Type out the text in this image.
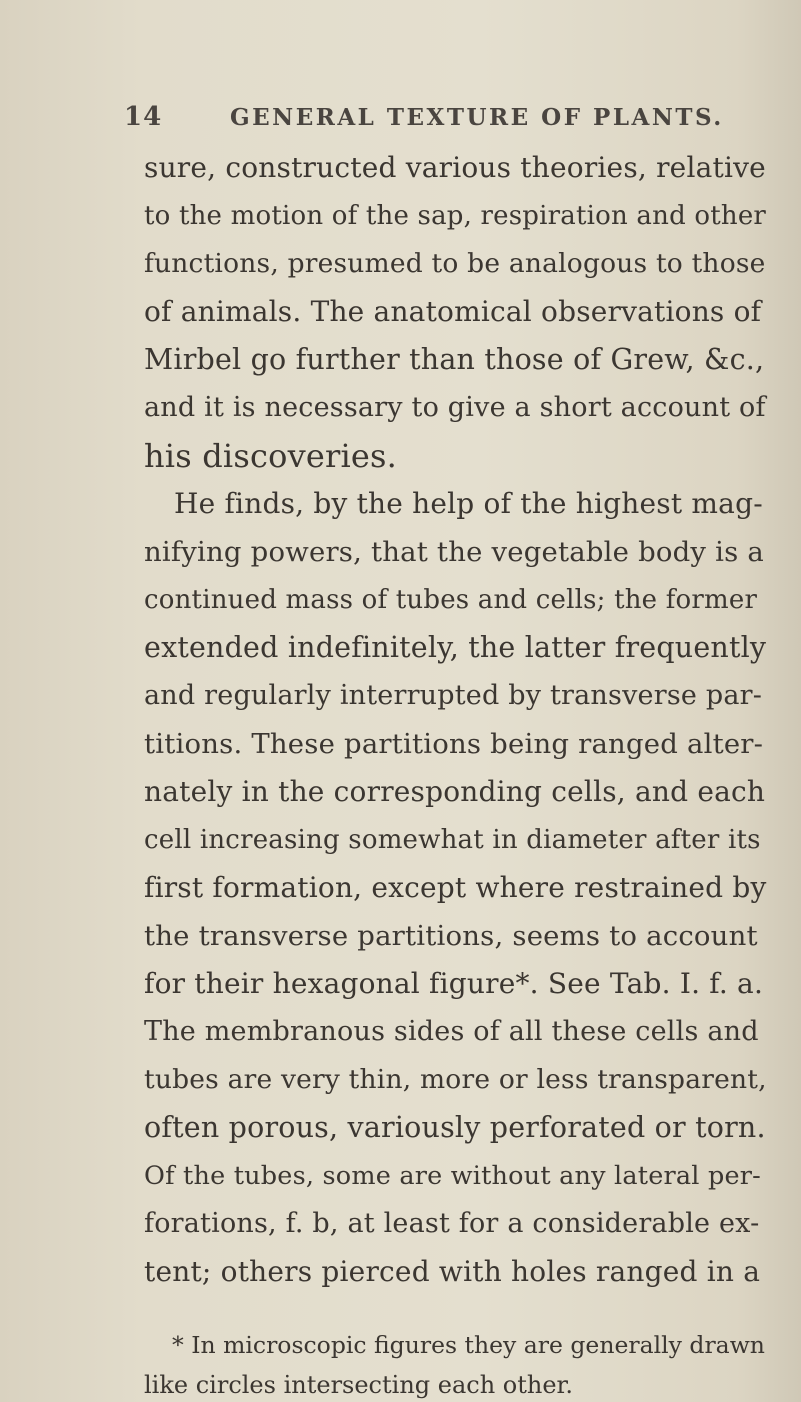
14	GENERAL TEXTURE OF PLANTS.
sure, constructed various theories, relative
to the motion of the sap, respiration and other
functions, presumed to be analogous to those
of animals. The anatomical observations of
Mirbel go further than those of Grew, &c.,
and it is necessary to give a short account of
his discoveries.
He finds, by the help of the highest mag-
nifying powers, that the vegetable body is a
continued mass of tubes and cells; the former
extended indefinitely, the latter frequently
and regularly interrupted by transverse par-
titions. These partitions being ranged alter-
nately in the corresponding cells, and each
cell increasing somewhat in diameter after its
first formation, except where restrained by
the transverse partitions, seems to account
for their hexagonal figure*. See Tab. I. f. a.
The membranous sides of all these cells and
tubes are very thin, more or less transparent,
often porous, variously perforated or torn.
Of the tubes, some are without any lateral per-
forations, f. b, at least for a considerable ex-
tent; others pierced with holes ranged in a
* In microscopic figures they are generally drawn
like circles intersecting each other.
